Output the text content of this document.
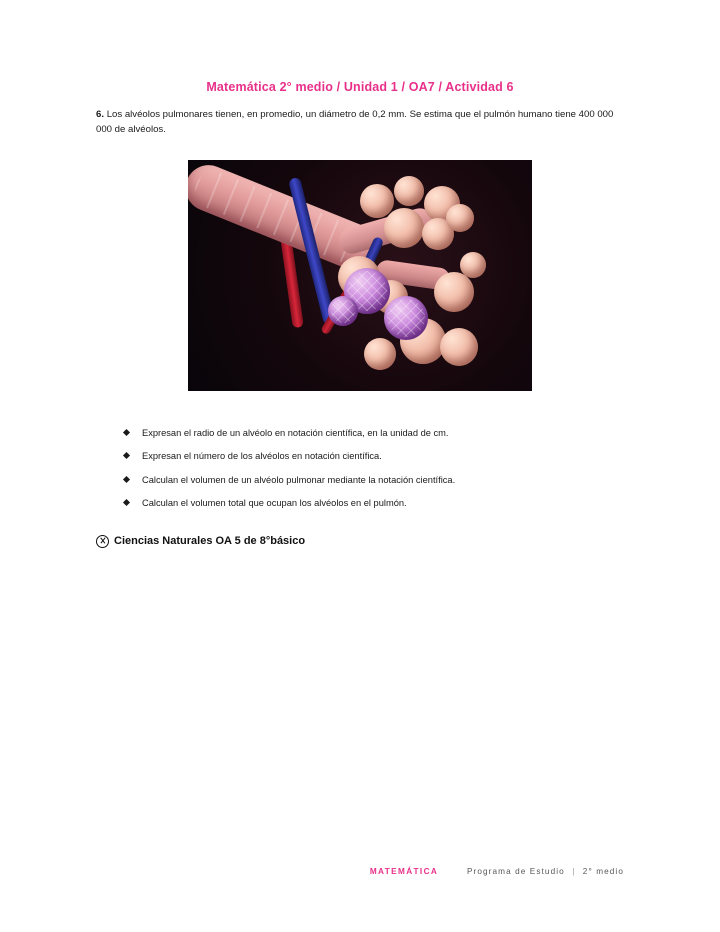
Matemática 2° medio / Unidad 1 / OA7 / Actividad 6

6. Los alvéolos pulmonares tienen, en promedio, un diámetro de 0,2 mm. Se estima que el pulmón humano tiene 400 000 000 de alvéolos.

Expresan el radio de un alvéolo en notación científica, en la unidad de cm.
Expresan el número de los alvéolos en notación científica.
Calculan el volumen de un alvéolo pulmonar mediante la notación científica.
Calculan el volumen total que ocupan los alvéolos en el pulmón.
Ciencias Naturales OA 5 de 8°básico
MATEMÁTICA	Programa de Estudio | 2° medio
